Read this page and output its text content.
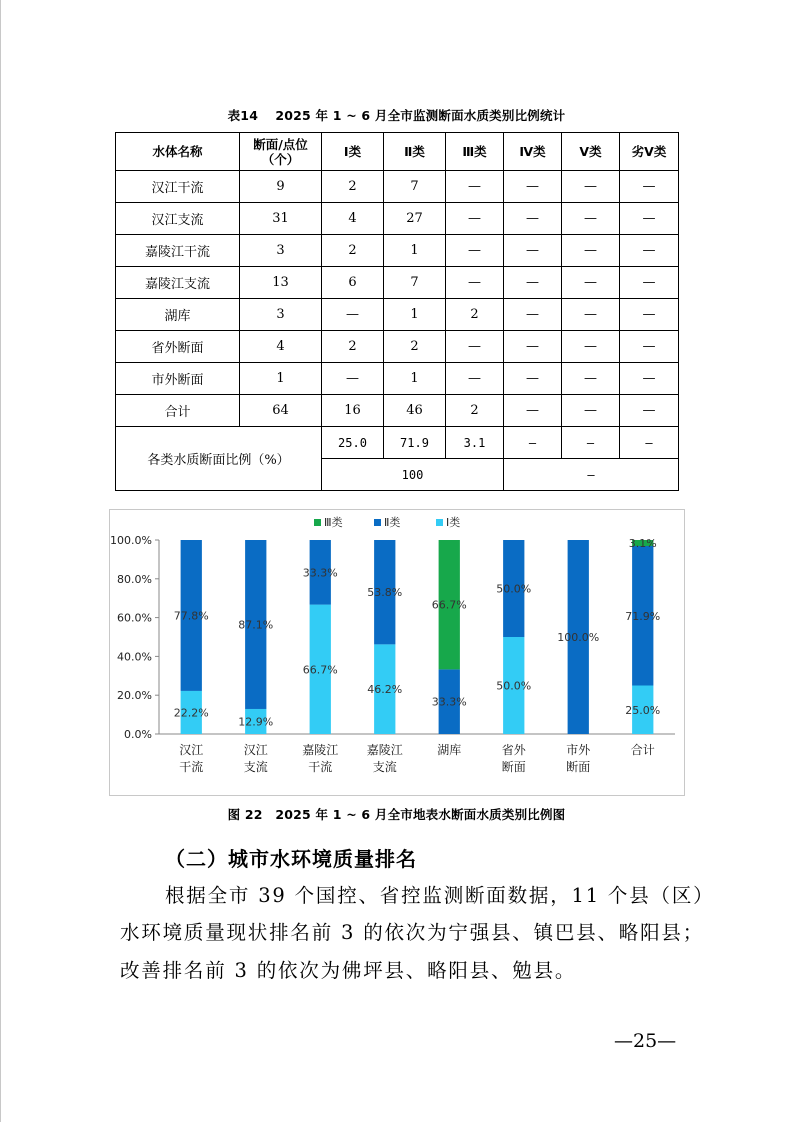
表14　 2025 年 1 ~ 6 月全市监测断面水质类别比例统计
水体名称	断面/点位（个）	Ⅰ类	Ⅱ类	Ⅲ类	Ⅳ类	Ⅴ类	劣Ⅴ类
汉江干流	9	2	7	—	—	—	—
汉江支流	31	4	27	—	—	—	—
嘉陵江干流	3	2	1	—	—	—	—
嘉陵江支流	13	6	7	—	—	—	—
湖库	3	—	1	2	—	—	—
省外断面	4	2	2	—	—	—	—
市外断面	1	—	1	—	—	—	—
合计	64	16	46	2	—	—	—
各类水质断面比例（%）		25.0	71.9	3.1	—	—	—
		100			—		
0.0%
20.0%
40.0%
60.0%
80.0%
100.0%
22.2%
77.8%
汉江
干流
12.9%
87.1%
汉江
支流
66.7%
33.3%
嘉陵江
干流
46.2%
53.8%
嘉陵江
支流
33.3%
66.7%
湖库
50.0%
50.0%
省外
断面
100.0%
市外
断面
25.0%
71.9%
3.1%
合计
Ⅲ类	Ⅱ类	Ⅰ类
图 22　2025 年 1 ~ 6 月全市地表水断面水质类别比例图
（二）城市水环境质量排名
根据全市 39 个国控、省控监测断面数据，11 个县（区）
水环境质量现状排名前 3 的依次为宁强县、镇巴县、略阳县；
改善排名前 3 的依次为佛坪县、略阳县、勉县。
—25—
